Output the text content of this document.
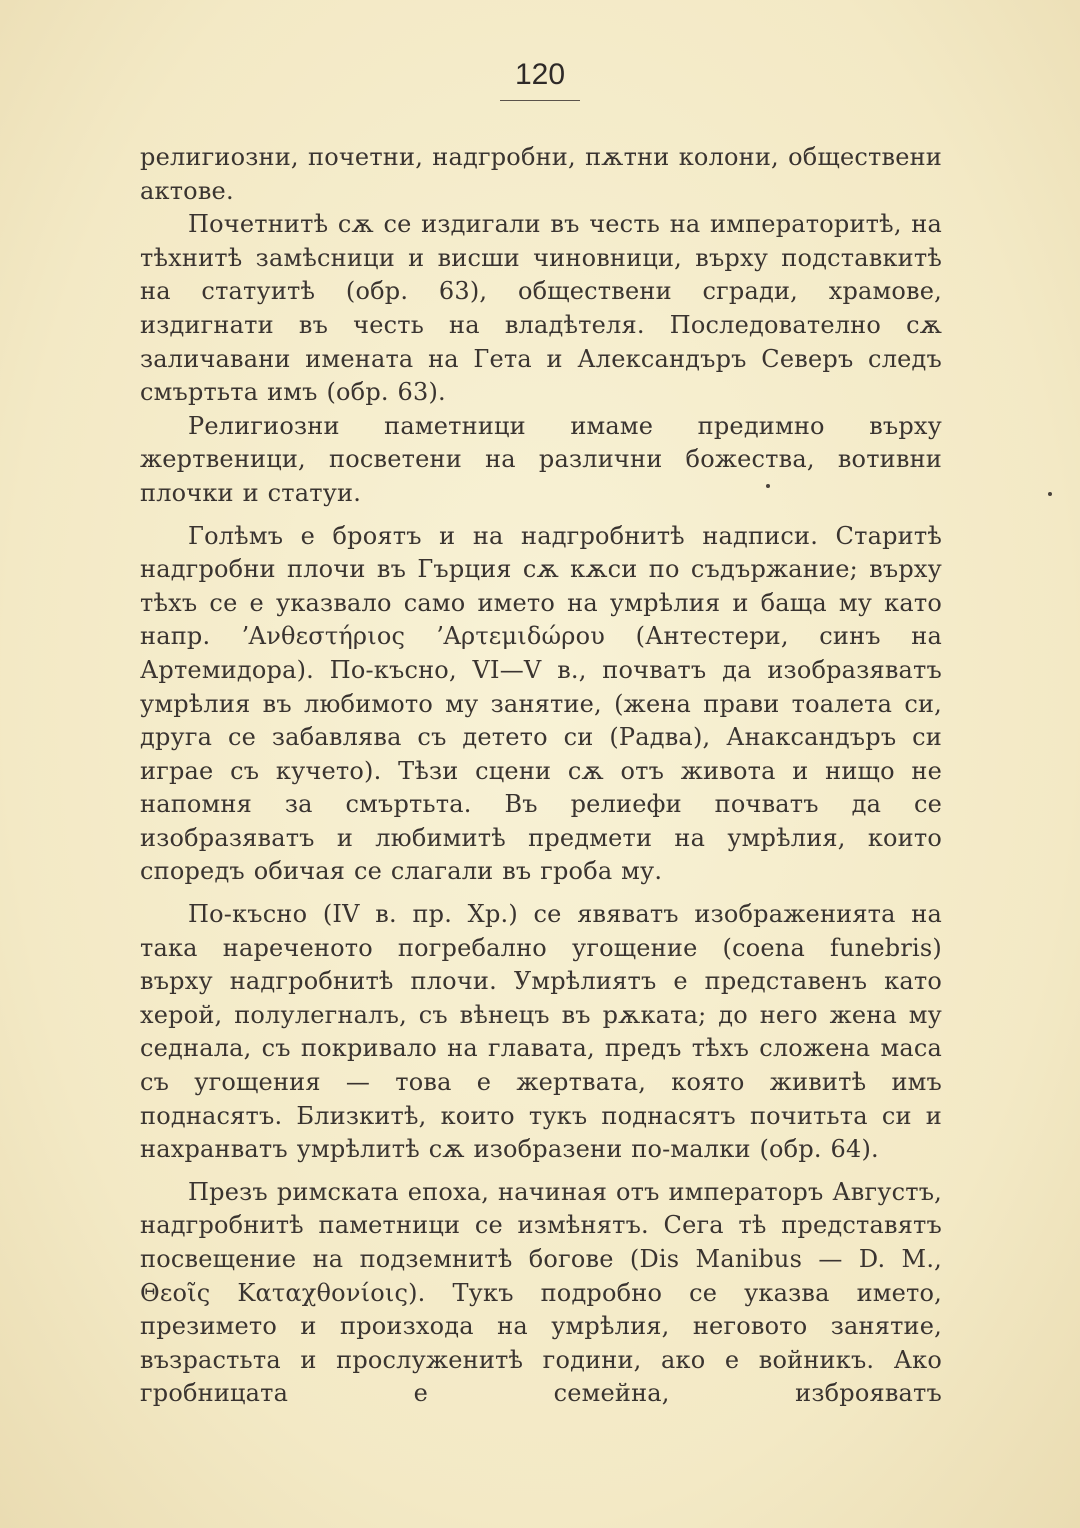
120

религиозни, почетни, надгробни, пѫтни колони, обществени актове.

Почетнитѣ сѫ се издигали въ честь на императоритѣ, на тѣхнитѣ замѣсници и висши чиновници, върху подставкитѣ на статуитѣ (обр. 63), обществени сгради, храмове, издигнати въ честь на владѣтеля. Последователно сѫ заличавани имената на Гета и Александъръ Северъ следъ смъртьта имъ (обр. 63).

Религиозни паметници имаме предимно върху жертвеници, посветени на различни божества, вотивни плочки и статуи.

Голѣмъ е броятъ и на надгробнитѣ надписи. Старитѣ надгробни плочи въ Гърция сѫ кѫси по съдържание; върху тѣхъ се е указвало само името на умрѣлия и баща му като напр. ʼΑνθεστήριος ʼΑρτεμιδώρου (Антестери, синъ на Артемидора). По-късно, VI—V в., почватъ да изобразяватъ умрѣлия въ любимото му занятие, (жена прави тоалета си, друга се забавлява съ детето си (Радва), Анаксандъръ си играе съ кучето). Тѣзи сцени сѫ отъ живота и нищо не напомня за смъртьта. Въ релиефи почватъ да се изобразяватъ и любимитѣ предмети на умрѣлия, които споредъ обичая се слагали въ гроба му.

По-късно (IV в. пр. Хр.) се явяватъ изображенията на така нареченото погребално угощение (coena funebris) върху надгробнитѣ плочи. Умрѣлиятъ е представенъ като херой, полулегналъ, съ вѣнецъ въ рѫката; до него жена му седнала, съ покривало на главата, предъ тѣхъ сложена маса съ угощения — това е жертвата, която живитѣ имъ поднасятъ. Близкитѣ, които тукъ поднасятъ почитьта си и нахранватъ умрѣлитѣ сѫ изобразени по-малки (обр. 64).

Презъ римската епоха, начиная отъ императоръ Августъ, надгробнитѣ паметници се измѣнятъ. Сега тѣ представятъ посвещение на подземнитѣ богове (Dis Manibus — D. M., Θεοῖς Καταχθονίοις). Тукъ подробно се указва името, презимето и произхода на умрѣлия, неговото занятие, възрастьта и прослуженитѣ години, ако е войникъ. Ако гробницата е семейна, изброяватъ
